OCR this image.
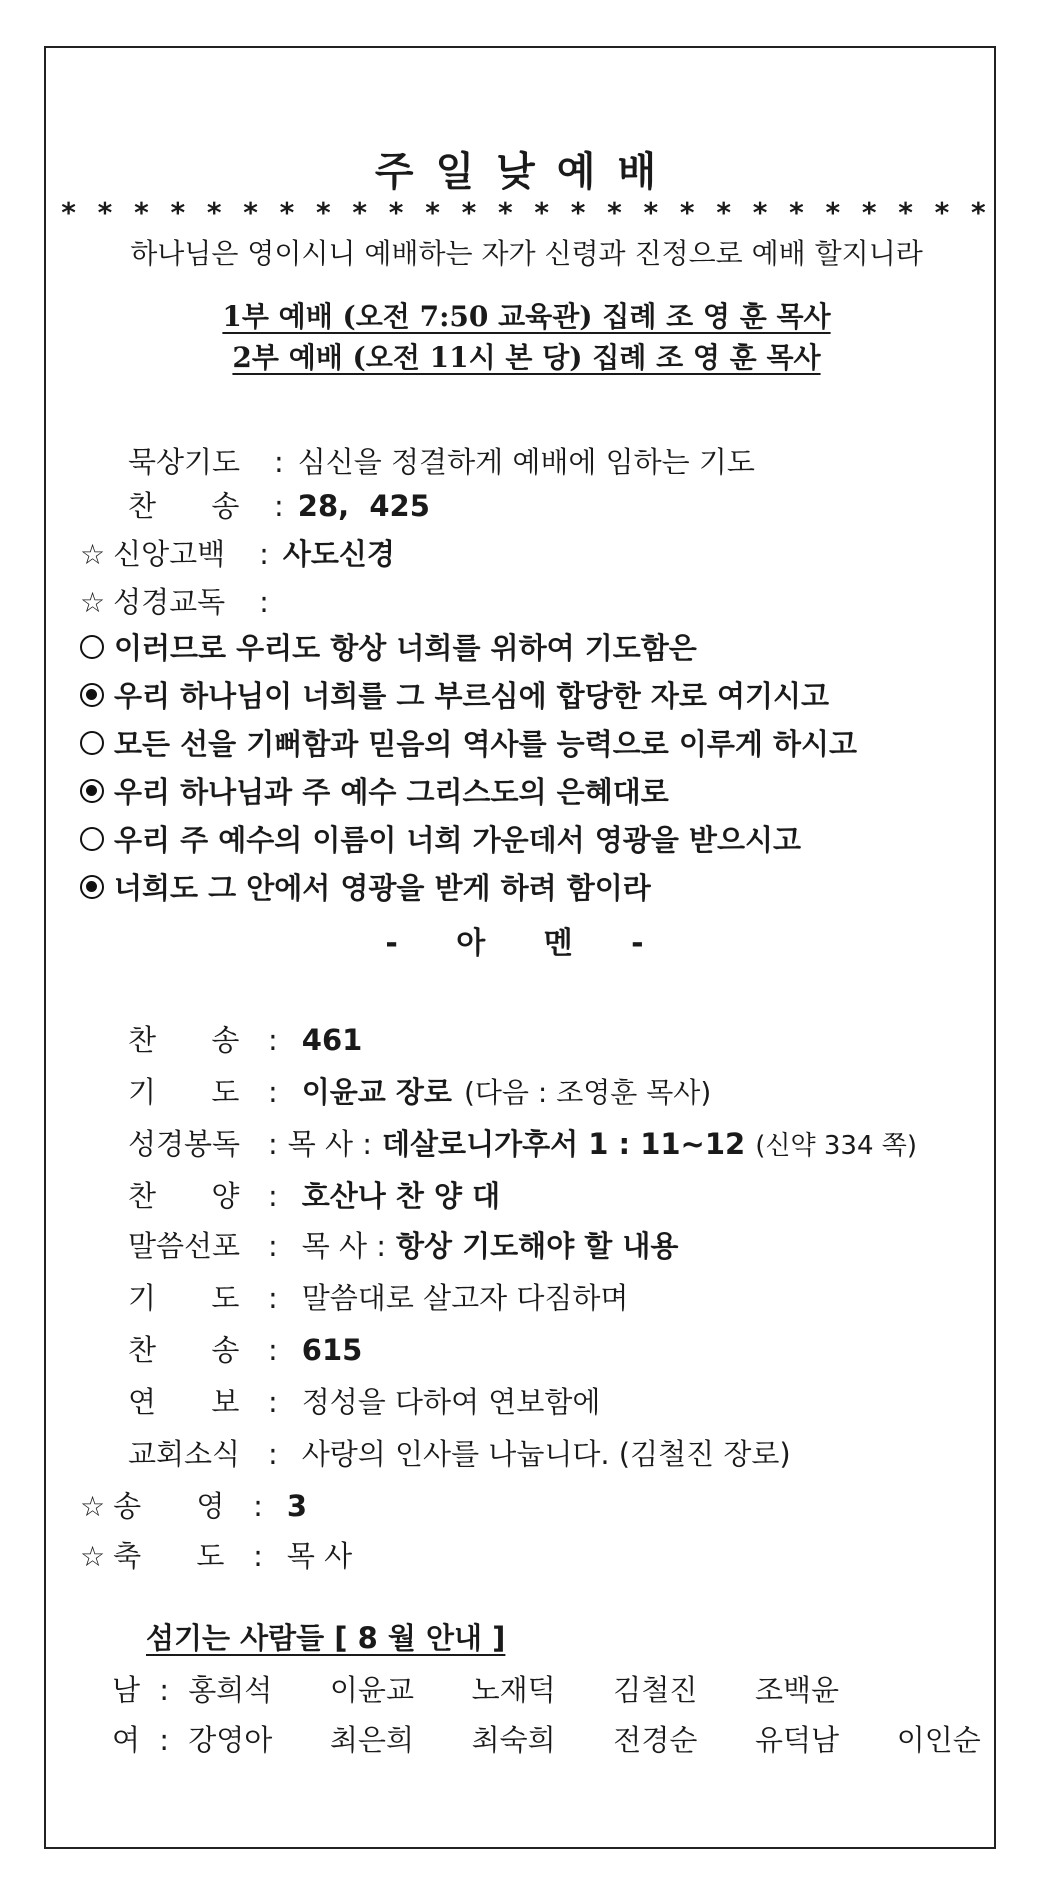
주일낮예배
* * * * * * * * * * * * * * * * * * * * * * * * * *
하나님은 영이시니 예배하는 자가 신령과 진정으로 예배 할지니라
1부 예배 (오전 7:50 교육관) 집례 조 영 훈 목사
2부 예배 (오전 11시 본 당) 집례 조 영 훈 목사
묵상기도	: 심신을 정결하게 예배에 임하는 기도
찬      송	: 28,  425
☆ 신앙고백	: 사도신경
☆ 성경교독	:
이러므로 우리도 항상 너희를 위하여 기도함은
우리 하나님이 너희를 그 부르심에 합당한 자로 여기시고
모든 선을 기뻐함과 믿음의 역사를 능력으로 이루게 하시고
우리 하나님과 주 예수 그리스도의 은혜대로
우리 주 예수의 이름이 너희 가운데서 영광을 받으시고
너희도 그 안에서 영광을 받게 하려 함이라
- 아 멘 -
찬      송 : 461
기      도 : 이윤교 장로 (다음 : 조영훈 목사)
성경봉독 : 목 사 : 데살로니가후서 1 : 11~12 (신약 334 쪽)
찬      양 : 호산나 찬 양 대
말씀선포 : 목 사 : 항상 기도해야 할 내용
기      도 : 말씀대로 살고자 다짐하며
찬      송 : 615
연      보 : 정성을 다하여 연보함에
교회소식 : 사랑의 인사를 나눕니다. (김철진 장로)
☆ 송      영 : 3
☆ 축      도 : 목 사
섬기는 사람들 [ 8 월 안내 ]
남 : 홍희석   이윤교   노재덕   김철진   조백윤
여 : 강영아   최은희   최숙희   전경순   유덕남   이인순
